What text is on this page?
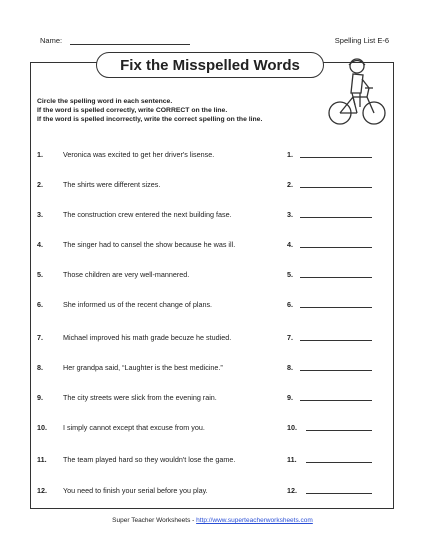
Name:	Spelling List E-6
Fix the Misspelled Words
Circle the spelling word in each sentence.
If the word is spelled correctly, write CORRECT on the line.
If the word is spelled incorrectly, write the correct spelling on the line.
1.	Veronica was excited to get her driver's lisense.	1.
2.	The shirts were different sizes.	2.
3.	The construction crew entered the next building fase.	3.
4.	The singer had to cansel the show because he was ill.	4.
5.	Those children are very well-mannered.	5.
6.	She informed us of the recent change of plans.	6.
7.	Michael improved his math grade becuze he studied.	7.
8.	Her grandpa said, “Laughter is the best medicine.”	8.
9.	The city streets were slick from the evening rain.	9.
10. I simply cannot except that excuse from you.	10.
11. The team played hard so they wouldn't lose the game.	11.
12. You need to finish your serial before you play.	12.
Super Teacher Worksheets - http://www.superteacherworksheets.com
